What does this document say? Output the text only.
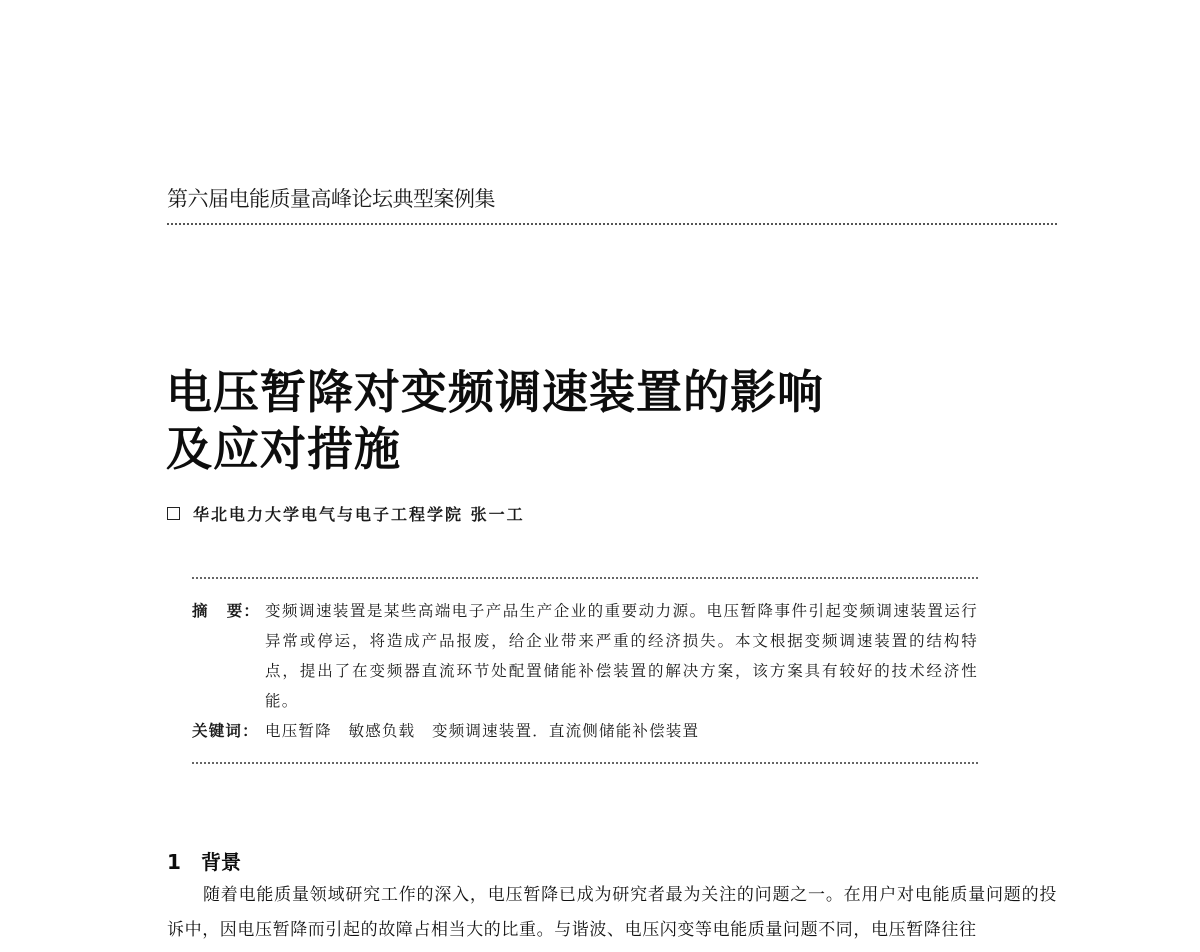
第六届电能质量高峰论坛典型案例集
电压暂降对变频调速装置的影响
及应对措施
华北电力大学电气与电子工程学院 张一工
摘 要： 变频调速装置是某些高端电子产品生产企业的重要动力源。电压暂降事件引起变频调速装置运行异常或停运，将造成产品报废，给企业带来严重的经济损失。本文根据变频调速装置的结构特点，提出了在变频器直流环节处配置储能补偿装置的解决方案，该方案具有较好的技术经济性能。
关键词： 电压暂降　敏感负载　变频调速装置．直流侧储能补偿装置
1 背景
随着电能质量领域研究工作的深入，电压暂降已成为研究者最为关注的问题之一。在用户对电能质量问题的投诉中，因电压暂降而引起的故障占相当大的比重。与谐波、电压闪变等电能质量问题不同，电压暂降往往
